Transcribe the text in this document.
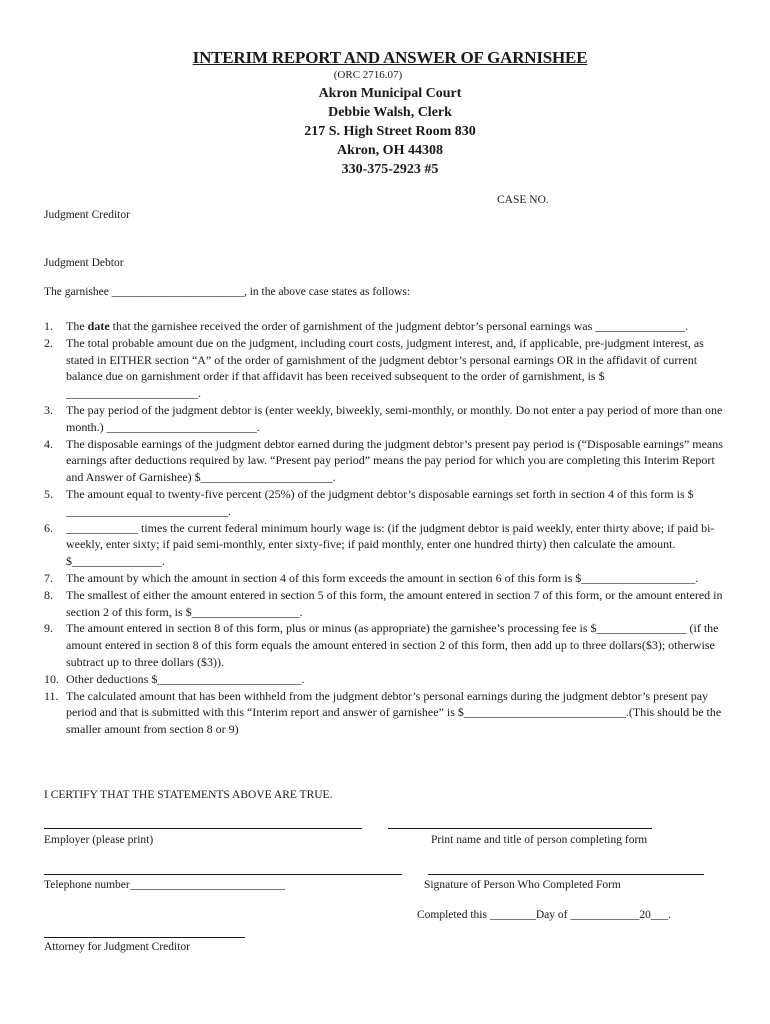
INTERIM REPORT AND ANSWER OF GARNISHEE
(ORC 2716.07)
Akron Municipal Court
Debbie Walsh, Clerk
217 S. High Street Room 830
Akron, OH 44308
330-375-2923 #5
CASE NO.
Judgment Creditor
Judgment Debtor
The garnishee _______________________, in the above case states as follows:
1.	The date that the garnishee received the order of garnishment of the judgment debtor’s personal earnings was _______________.
2.	The total probable amount due on the judgment, including court costs, judgment interest, and, if applicable, pre-judgment interest, as stated in EITHER section “A” of the order of garnishment of the judgment debtor’s personal earnings OR in the affidavit of current balance due on garnishment order if that affidavit has been received subsequent to the order of garnishment, is $ ______________________.
3.	The pay period of the judgment debtor is (enter weekly, biweekly, semi-monthly, or monthly. Do not enter a pay period of more than one month.) _________________________.
4.	The disposable earnings of the judgment debtor earned during the judgment debtor’s present pay period is (“Disposable earnings” means earnings after deductions required by law. “Present pay period” means the pay period for which you are completing this Interim Report and Answer of Garnishee) $______________________.
5.	The amount equal to twenty-five percent (25%) of the judgment debtor’s disposable earnings set forth in section 4 of this form is $ ___________________________.
6.	____________ times the current federal minimum hourly wage is: (if the judgment debtor is paid weekly, enter thirty above; if paid bi-weekly, enter sixty; if paid semi-monthly, enter sixty-five; if paid monthly, enter one hundred thirty) then calculate the amount. $_______________.
7.	The amount by which the amount in section 4 of this form exceeds the amount in section 6 of this form is $___________________.
8.	The smallest of either the amount entered in section 5 of this form, the amount entered in section 7 of this form, or the amount entered in section 2 of this form, is $__________________.
9.	The amount entered in section 8 of this form, plus or minus (as appropriate) the garnishee’s processing fee is $_______________ (if the amount entered in section 8 of this form equals the amount entered in section 2 of this form, then add up to three dollars($3); otherwise subtract up to three dollars ($3)).
10. Other deductions $________________________.
11. The calculated amount that has been withheld from the judgment debtor’s personal earnings during the judgment debtor’s present pay period and that is submitted with this “Interim report and answer of garnishee” is $___________________________.(This should be the smaller amount from section 8 or 9)
I CERTIFY THAT THE STATEMENTS ABOVE ARE TRUE.
Employer (please print)	Print name and title of person completing form
Telephone number___________________________	Signature of Person Who Completed Form
Completed this ________Day of ____________20___.
Attorney for Judgment Creditor
